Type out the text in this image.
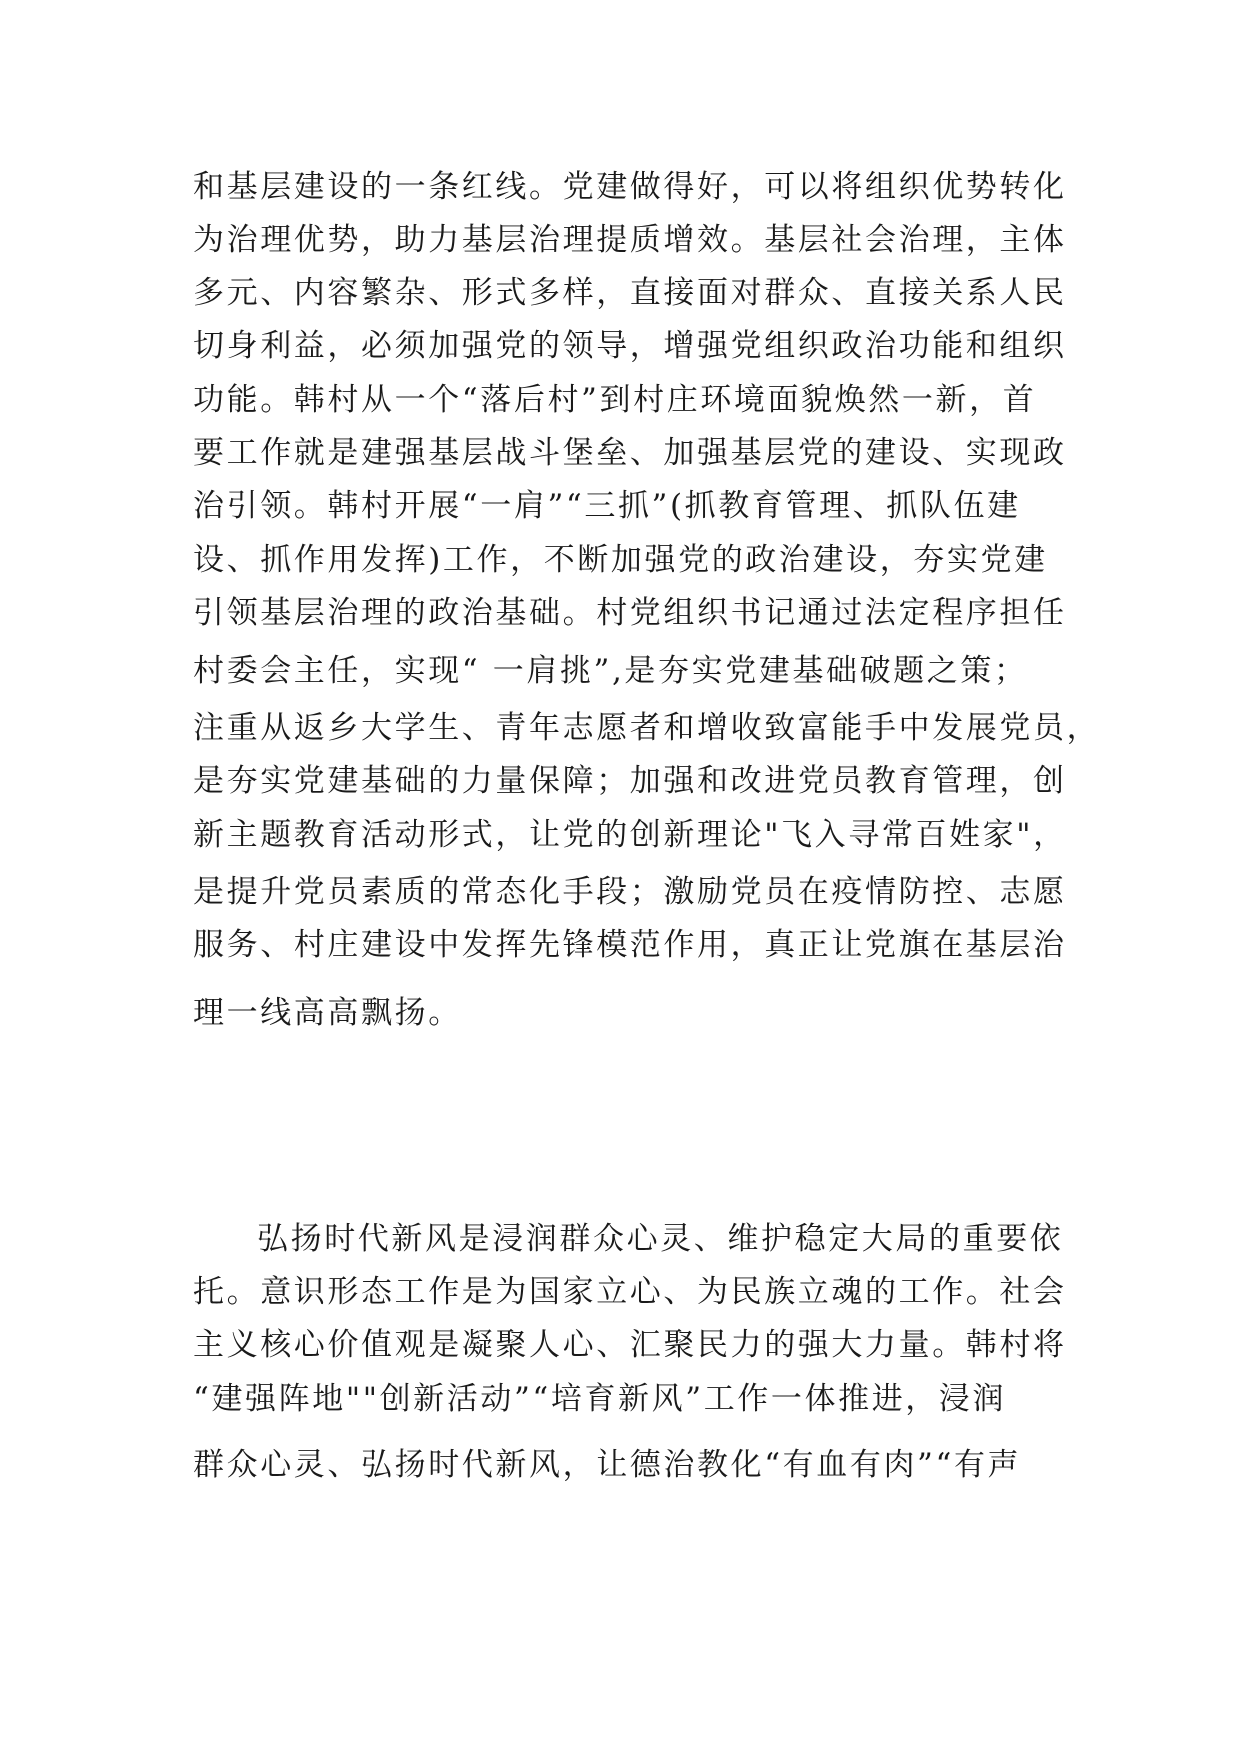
和基层建设的一条红线。党建做得好，可以将组织优势转化
为治理优势，助力基层治理提质增效。基层社会治理，主体
多元、内容繁杂、形式多样，直接面对群众、直接关系人民
切身利益，必须加强党的领导，增强党组织政治功能和组织
功能。韩村从一个“落后村”到村庄环境面貌焕然一新，首
要工作就是建强基层战斗堡垒、加强基层党的建设、实现政
治引领。韩村开展“一肩”“三抓”(抓教育管理、抓队伍建
设、抓作用发挥)工作，不断加强党的政治建设，夯实党建
引领基层治理的政治基础。村党组织书记通过法定程序担任
村委会主任，实现“ 一肩挑”,是夯实党建基础破题之策；
注重从返乡大学生、青年志愿者和增收致富能手中发展党员，
是夯实党建基础的力量保障；加强和改进党员教育管理，创
新主题教育活动形式，让党的创新理论"飞入寻常百姓家"，
是提升党员素质的常态化手段；激励党员在疫情防控、志愿
服务、村庄建设中发挥先锋模范作用，真正让党旗在基层治
理一线高高飘扬。
弘扬时代新风是浸润群众心灵、维护稳定大局的重要依
托。意识形态工作是为国家立心、为民族立魂的工作。社会
主义核心价值观是凝聚人心、汇聚民力的强大力量。韩村将
“建强阵地""创新活动”“培育新风”工作一体推进，浸润
群众心灵、弘扬时代新风，让德治教化“有血有肉”“有声
